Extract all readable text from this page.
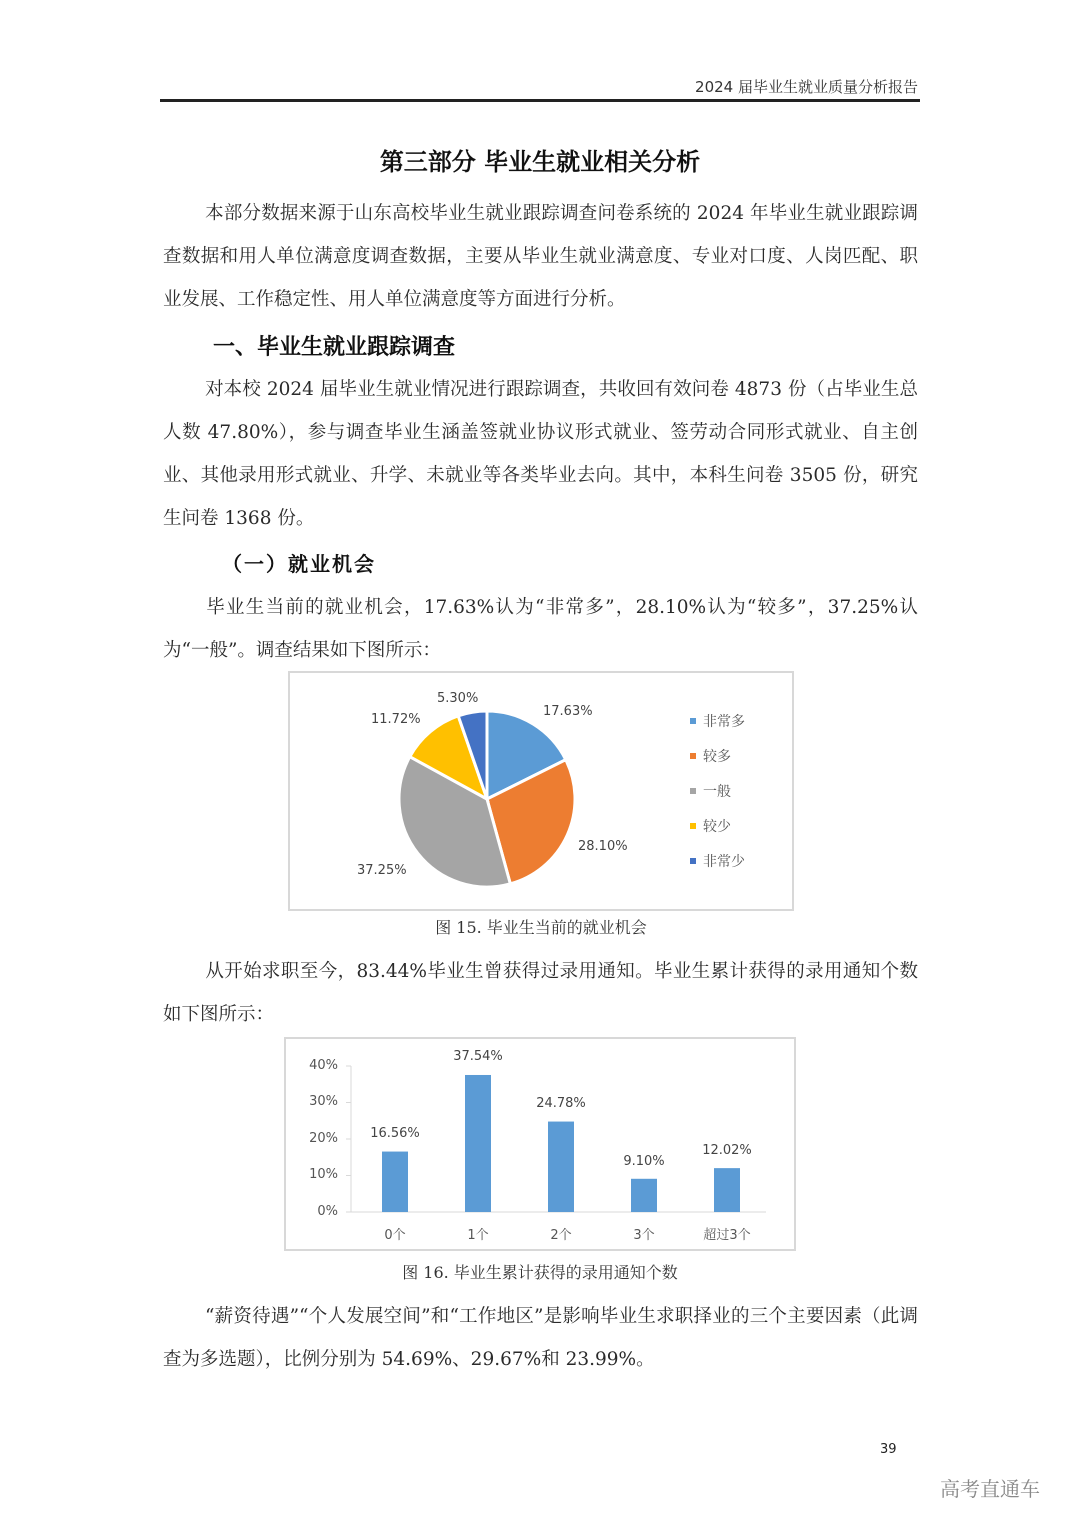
2024 届毕业生就业质量分析报告
第三部分 毕业生就业相关分析
本部分数据来源于山东高校毕业生就业跟踪调查问卷系统的 2024 年毕业生就业跟踪调查数据和用人单位满意度调查数据，主要从毕业生就业满意度、专业对口度、人岗匹配、职业发展、工作稳定性、用人单位满意度等方面进行分析。
一、毕业生就业跟踪调查
对本校 2024 届毕业生就业情况进行跟踪调查，共收回有效问卷 4873 份（占毕业生总人数 47.80%），参与调查毕业生涵盖签就业协议形式就业、签劳动合同形式就业、自主创业、其他录用形式就业、升学、未就业等各类毕业去向。其中，本科生问卷 3505 份，研究生问卷 1368 份。
（一）就业机会
毕业生当前的就业机会，17.63%认为“非常多”，28.10%认为“较多”，37.25%认为“一般”。调查结果如下图所示：
17.63%
28.10%
37.25%
11.72%
5.30%
非常多
较多
一般
较少
非常少
图 15. 毕业生当前的就业机会
从开始求职至今，83.44%毕业生曾获得过录用通知。毕业生累计获得的录用通知个数如下图所示：
40%
30%
20%
10%
0%
16.56%
37.54%
24.78%
9.10%
12.02%
0个	1个	2个	3个	超过3个
图 16. 毕业生累计获得的录用通知个数
“薪资待遇”“个人发展空间”和“工作地区”是影响毕业生求职择业的三个主要因素（此调查为多选题），比例分别为 54.69%、29.67%和 23.99%。
39
高考直通车
